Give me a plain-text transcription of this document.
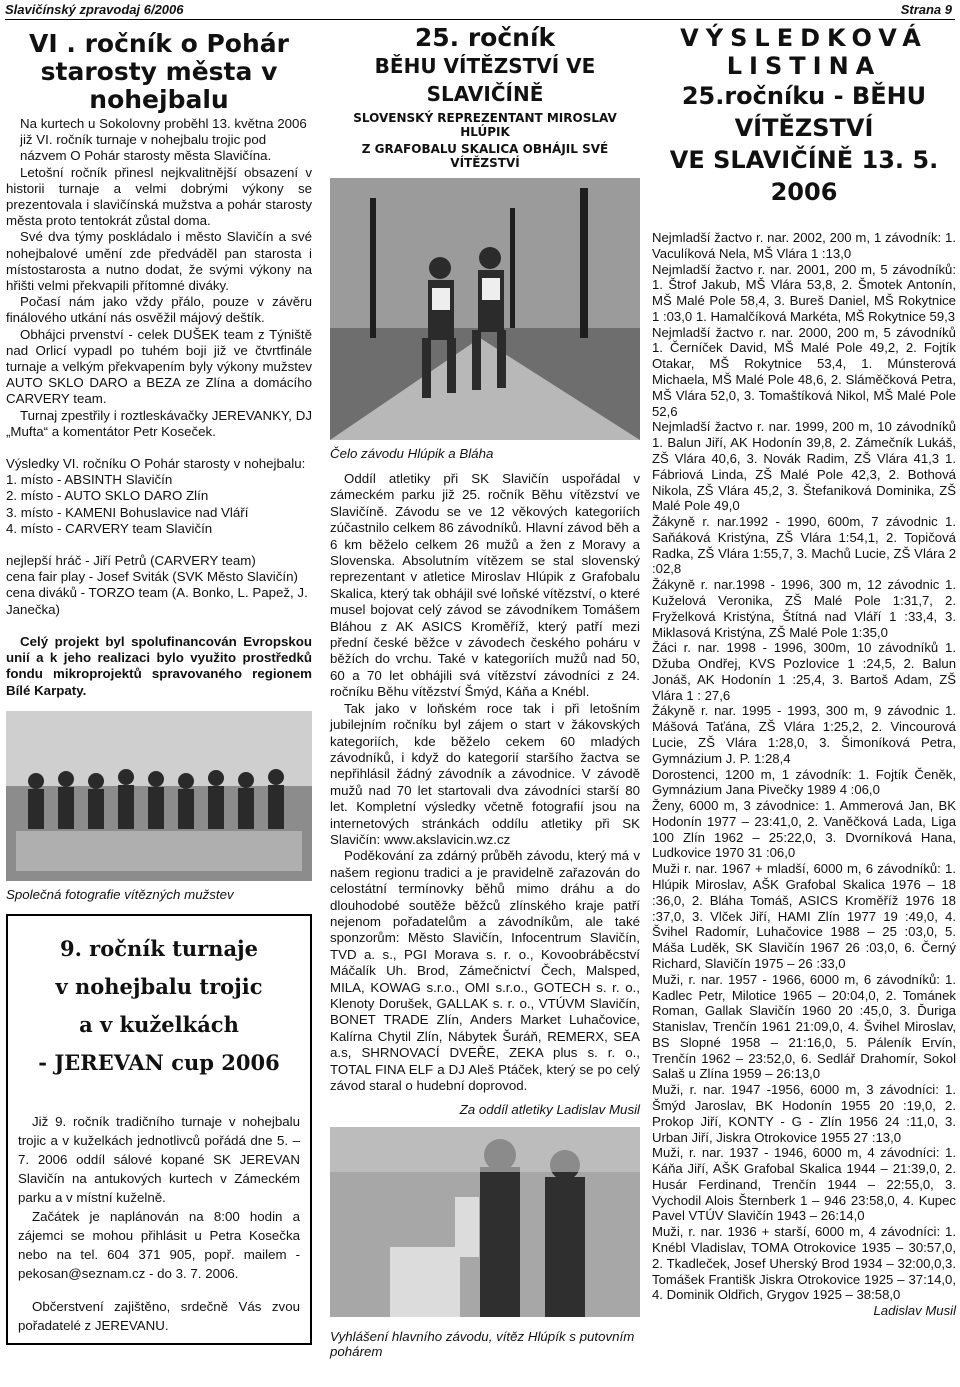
Slavičínský zpravodaj 6/2006	Strana 9
VI . ročník o Pohár starosty města v nohejbalu

Na kurtech u Sokolovny proběhl 13. května 2006 již VI. ročník turnaje v nohejbalu trojic pod názvem O Pohár starosty města Slavičína.

Letošní ročník přinesl nejkvalitnější obsazení v historii turnaje a velmi dobrými výkony se prezentovala i slavičínská mužstva a pohár starosty města proto tentokrát zůstal doma.

Své dva týmy poskládalo i město Slavičín a své nohejbalové umění zde předváděl pan starosta i místostarosta a nutno dodat, že svými výkony na hřišti velmi překvapili přítomné diváky.

Počasí nám jako vždy přálo, pouze v závěru finálového utkání nás osvěžil májový deštík.

Obhájci prvenství - celek DUŠEK team z Týniště nad Orlicí vypadl po tuhém boji již ve čtvrtfinále turnaje a velkým překvapením byly výkony mužstev AUTO SKLO DARO a BEZA ze Zlína a domácího CARVERY team.

Turnaj zpestřily i roztleskávačky JEREVANKY, DJ „Mufta“ a komentátor Petr Koseček.

Výsledky VI. ročníku O Pohár starosty v nohejbalu:

1. místo - ABSINTH Slavičín

2. místo - AUTO SKLO DARO Zlín

3. místo - KAMENI Bohuslavice nad Vláří

4. místo - CARVERY team Slavičín

nejlepší hráč - Jiří Petrů (CARVERY team)

cena fair play - Josef Sviták (SVK Město Slavičín)

cena diváků - TORZO team (A. Bonko, L. Papež, J. Janečka)

Celý projekt byl spolufinancován Evropskou unií a k jeho realizaci bylo využito prostředků fondu mikroprojektů spravovaného regionem Bílé Karpaty.

Společná fotografie vítězných mužstev
9. ročník turnaje
v nohejbalu trojic
a v kuželkách
- JEREVAN cup 2006

Již 9. ročník tradičního turnaje v nohejbalu trojic a v kuželkách jednotlivců pořádá dne 5. – 7. 2006 oddíl sálové kopané SK JEREVAN Slavičín na antukových kurtech v Zámeckém parku a v místní kuželně.

Začátek je naplánován na 8:00 hodin a zájemci se mohou přihlásit u Petra Kosečka nebo na tel. 604 371 905, popř. mailem - pekosan@seznam.cz - do 3. 7. 2006.

Občerstvení zajištěno, srdečně Vás zvou pořadatelé z JEREVANU.

25. ročník
BĚHU VÍTĚZSTVÍ VE SLAVIČÍNĚ
SLOVENSKÝ REPREZENTANT MIROSLAV HLÚPIK
Z GRAFOBALU SKALICA OBHÁJIL SVÉ VÍTĚZSTVÍ
Čelo závodu Hlúpik a Bláha

Oddíl atletiky při SK Slavičín uspořádal v zámeckém parku již 25. ročník Běhu vítězství ve Slavičíně. Závodu se ve 12 věkových kategoriích zúčastnilo celkem 86 závodníků. Hlavní závod běh a 6 km běželo celkem 26 mužů a žen z Moravy a Slovenska. Absolutním vítězem se stal slovenský reprezentant v atletice Miroslav Hlúpik z Grafobalu Skalica, který tak obhájil své loňské vítězství, o které musel bojovat celý závod se závodníkem Tomášem Bláhou z AK ASICS Kroměříž, který patří mezi přední české běžce v závodech českého poháru v běžích do vrchu. Také v kategoriích mužů nad 50, 60 a 70 let obhájili svá vítězství závodníci z 24. ročníku Běhu vítězství Šmýd, Káňa a Knébl.

Tak jako v loňském roce tak i při letošním jubilejním ročníku byl zájem o start v žákovských kategoriích, kde běželo cekem 60 mladých závodníků, i když do kategorií staršího žactva se nepřihlásil žádný závodník a závodnice. V závodě mužů nad 70 let startovali dva závodníci starší 80 let. Kompletní výsledky včetně fotografií jsou na internetových stránkách oddílu atletiky při SK Slavičín: www.akslavicin.wz.cz

Poděkování za zdárný průběh závodu, který má v našem regionu tradici a je pravidelně zařazován do celostátní termínovky běhů mimo dráhu a do dlouhodobé soutěže běžců zlínského kraje patří nejenom pořadatelům a závodníkům, ale také sponzorům: Město Slavičín, Infocentrum Slavičín, TVD a. s., PGI Morava s. r. o., Kovoobráběcství Máčalík Uh. Brod, Zámečnictví Čech, Malsped, MILA, KOWAG s.r.o., OMI s.r.o., GOTECH s. r. o., Klenoty Dorušek, GALLAK s. r. o., VTÚVM Slavičín, BONET TRADE Zlín, Anders Market Luhačovice, Kalírna Chytil Zlín, Nábytek Šuráň, REMERX, SEA a.s, SHRNOVACÍ DVEŘE, ZEKA plus s. r. o., TOTAL FINA ELF a DJ Aleš Ptáček, který se po celý závod staral o hudební doprovod.

Za oddíl atletiky Ladislav Musil

Vyhlášení hlavního závodu, vítěz Hlúpík s putovním pohárem
VÝSLEDKOVÁ LISTINA
25.ročníku - BĚHU VÍTĚZSTVÍ
VE SLAVIČÍNĚ 13. 5. 2006

Nejmladší žactvo r. nar. 2002, 200 m, 1 závodník: 1. Vaculíková Nela, MŠ Vlára 1 :13,0

Nejmladší žactvo r. nar. 2001, 200 m, 5 závodníků: 1. Štrof Jakub, MŠ Vlára 53,8, 2. Šmotek Antonín, MŠ Malé Pole 58,4, 3. Bureš Daniel, MŠ Rokytnice 1 :03,0 1. Hamalčíková Markéta, MŠ Rokytnice 59,3

Nejmladší žactvo r. nar. 2000, 200 m, 5 závodníků 1. Černíček David, MŠ Malé Pole 49,2, 2. Fojtík Otakar, MŠ Rokytnice 53,4, 1. Múnsterová Michaela, MŠ Malé Pole 48,6, 2. Sláměčková Petra, MŠ Vlára 52,0, 3. Tomaštíková Nikol, MŠ Malé Pole 52,6

Nejmladší žactvo r. nar. 1999, 200 m, 10 závodníků 1. Balun Jiří, AK Hodonín 39,8, 2. Zámečník Lukáš, ZŠ Vlára 40,6, 3. Novák Radim, ZŠ Vlára 41,3 1. Fábriová Linda, ZŠ Malé Pole 42,3, 2. Bothová Nikola, ZŠ Vlára 45,2, 3. Štefaniková Dominika, ZŠ Malé Pole 49,0

Žákyně r. nar.1992 - 1990, 600m, 7 závodnic 1. Saňáková Kristýna, ZŠ Vlára 1:54,1, 2. Topičová Radka, ZŠ Vlára 1:55,7, 3. Machů Lucie, ZŠ Vlára 2 :02,8

Žákyně r. nar.1998 - 1996, 300 m, 12 závodnic 1. Kuželová Veronika, ZŠ Malé Pole 1:31,7, 2. Fryželková Kristýna, Štítná nad Vláří 1 :33,4, 3. Miklasová Kristýna, ZŠ Malé Pole 1:35,0

Žáci r. nar. 1998 - 1996, 300m, 10 závodníků 1. Džuba Ondřej, KVS Pozlovice 1 :24,5, 2. Balun Jonáš, AK Hodonín 1 :25,4, 3. Bartoš Adam, ZŠ Vlára 1 : 27,6

Žákyně r. nar. 1995 - 1993, 300 m, 9 závodnic 1. Mášová Taťána, ZŠ Vlára 1:25,2, 2. Vincourová Lucie, ZŠ Vlára 1:28,0, 3. Šimoníková Petra, Gymnázium J. P. 1:28,4

Dorostenci, 1200 m, 1 závodník: 1. Fojtík Čeněk, Gymnázium Jana Pivečky 1989 4 :06,0

Ženy, 6000 m, 3 závodnice: 1. Ammerová Jan, BK Hodonín 1977 – 23:41,0, 2. Vaněčková Lada, Liga 100 Zlín 1962 – 25:22,0, 3. Dvorníková Hana, Ludkovice 1970 31 :06,0

Muži r. nar. 1967 + mladší, 6000 m, 6 závodníků: 1. Hlúpik Miroslav, AŠK Grafobal Skalica 1976 – 18 :36,0, 2. Bláha Tomáš, ASICS Kroměříž 1976 18 :37,0, 3. Vlček Jiří, HAMI Zlín 1977 19 :49,0, 4. Švihel Radomír, Luhačovice 1988 – 25 :03,0, 5. Máša Luděk, SK Slavičín 1967 26 :03,0, 6. Černý Richard, Slavičín 1975 – 26 :33,0

Muži, r. nar. 1957 - 1966, 6000 m, 6 závodníků: 1. Kadlec Petr, Milotice 1965 – 20:04,0, 2. Tománek Roman, Gallak Slavičín 1960 20 :45,0, 3. Ďuriga Stanislav, Trenčín 1961 21:09,0, 4. Švihel Miroslav, BS Slopné 1958 – 21:16,0, 5. Páleník Ervín, Trenčín 1962 – 23:52,0, 6. Sedlář Drahomír, Sokol Salaš u Zlína 1959 – 26:13,0

Muži, r. nar. 1947 -1956, 6000 m, 3 závodníci: 1. Šmýd Jaroslav, BK Hodonín 1955 20 :19,0, 2. Prokop Jiří, KONTY - G - Zlín 1956 24 :11,0, 3. Urban Jiří, Jiskra Otrokovice 1955 27 :13,0

Muži, r. nar. 1937 - 1946, 6000 m, 4 závodníci: 1. Káňa Jiří, AŠK Grafobal Skalica 1944 – 21:39,0, 2. Husár Ferdinand, Trenčín 1944 – 22:55,0, 3. Vychodil Alois Šternberk 1 – 946 23:58,0, 4. Kupec Pavel VTÚV Slavičín 1943 – 26:14,0

Muži, r. nar. 1936 + starší, 6000 m, 4 závodníci: 1. Knébl Vladislav, TOMA Otrokovice 1935 – 30:57,0, 2. Tkadleček, Josef Uherský Brod 1934 – 32:00,0,3. Tomášek Františk Jiskra Otrokovice 1925 – 37:14,0, 4. Dominik Oldřich, Grygov 1925 – 38:58,0

Ladislav Musil
